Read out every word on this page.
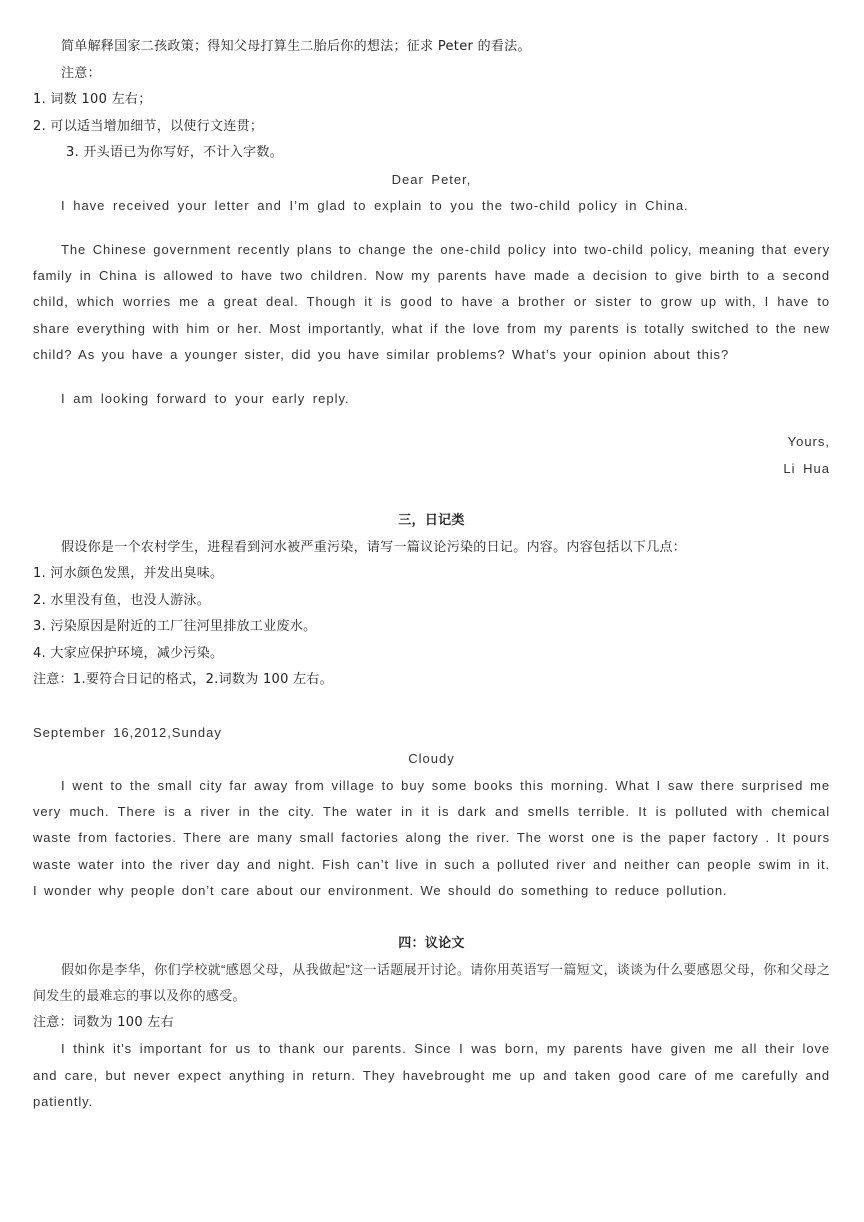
简单解释国家二孩政策；得知父母打算生二胎后你的想法；征求 Peter 的看法。
注意：
1. 词数 100 左右；
2. 可以适当增加细节，以使行文连贯；
3. 开头语已为你写好，不计入字数。
Dear Peter,
I have received your letter and I’m glad to explain to you the two-child policy in China.

The Chinese government recently plans to change the one-child policy into two-child policy, meaning that every family in China is allowed to have two children. Now my parents have made a decision to give birth to a second child, which worries me a great deal. Though it is good to have a brother or sister to grow up with, I have to share everything with him or her. Most importantly, what if the love from my parents is totally switched to the new child? As you have a younger sister, did you have similar problems? What’s your opinion about this?

I am looking forward to your early reply.
Yours,
Li Hua
三，日记类
假设你是一个农村学生，进程看到河水被严重污染，请写一篇议论污染的日记。内容。内容包括以下几点：
1. 河水颜色发黑，并发出臭味。
2. 水里没有鱼，也没人游泳。
3. 污染原因是附近的工厂往河里排放工业废水。
4. 大家应保护环境，减少污染。
注意：1.要符合日记的格式，2.词数为 100 左右。
September 16,2012,Sunday
Cloudy

I went to the small city far away from village to buy some books this morning. What I saw there surprised me very much. There is a river in the city. The water in it is dark and smells terrible. It is polluted with chemical waste from factories. There are many small factories along the river. The worst one is the paper factory . It pours waste water into the river day and night. Fish can’t live in such a polluted river and neither can people swim in it. I wonder why people don’t care about our environment. We should do something to reduce pollution.

四：议论文

假如你是李华，你们学校就“感恩父母，从我做起”这一话题展开讨论。请你用英语写一篇短文，谈谈为什么要感恩父母，你和父母之间发生的最难忘的事以及你的感受。

注意：词数为 100 左右

I think it's important for us to thank our parents. Since I was born, my parents have given me all their love and care, but never expect anything in return. They havebrought me up and taken good care of me carefully and patiently.
